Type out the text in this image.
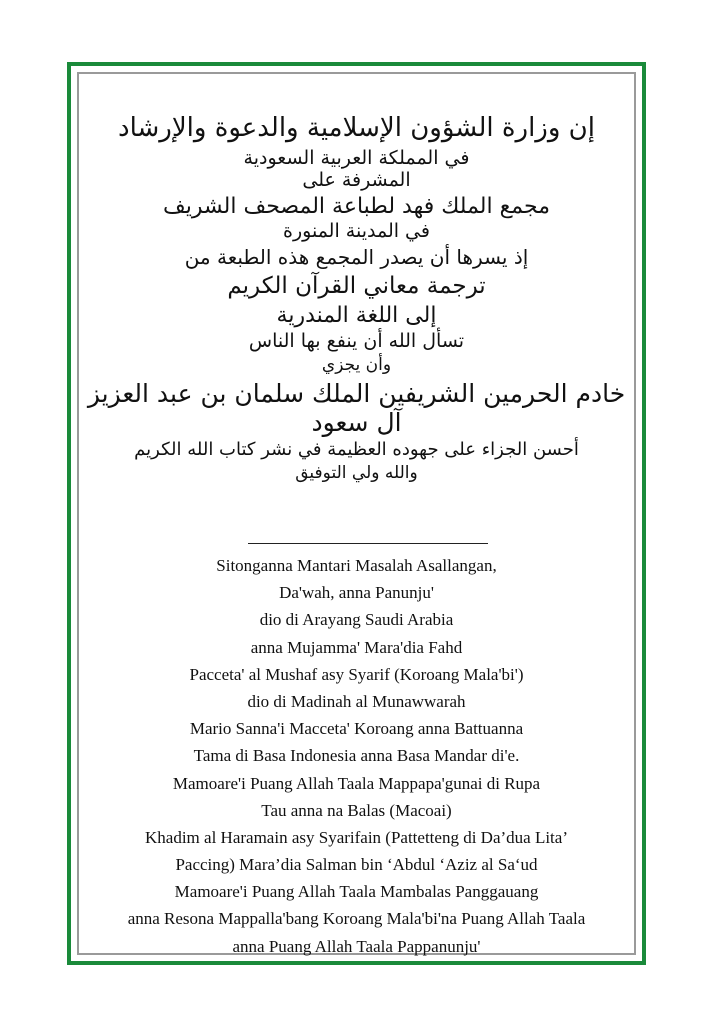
إن وزارة الشؤون الإسلامية والدعوة والإرشاد
في المملكة العربية السعودية
المشرفة على
مجمع الملك فهد لطباعة المصحف الشريف
في المدينة المنورة
إذ يسرها أن يصدر المجمع هذه الطبعة من
ترجمة معاني القرآن الكريم
إلى اللغة المندرية
تسأل الله أن ينفع بها الناس
وأن يجزي
خادم الحرمين الشريفين الملك سلمان بن عبد العزيز آل سعود
أحسن الجزاء على جهوده العظيمة في نشر كتاب الله الكريم
والله ولي التوفيق
Sitonganna Mantari Masalah Asallangan,
Da'wah, anna Panunju'
dio di Arayang Saudi Arabia
anna Mujamma' Mara'dia Fahd
Pacceta' al Mushaf asy Syarif (Koroang Mala'bi')
dio di Madinah al Munawwarah
Mario Sanna'i Macceta' Koroang anna Battuanna
Tama di Basa Indonesia anna Basa Mandar di'e.
Mamoare'i Puang Allah Taala Mappapa'gunai di Rupa
Tau anna na Balas (Macoai)
Khadim al Haramain asy Syarifain (Pattetteng di Da’dua Lita’
Paccing) Mara’dia Salman bin ‘Abdul ‘Aziz al Sa‘ud
Mamoare'i Puang Allah Taala Mambalas Panggauang
anna Resona Mappalla'bang Koroang Mala'bi'na Puang Allah Taala
anna Puang Allah Taala Pappanunju'
